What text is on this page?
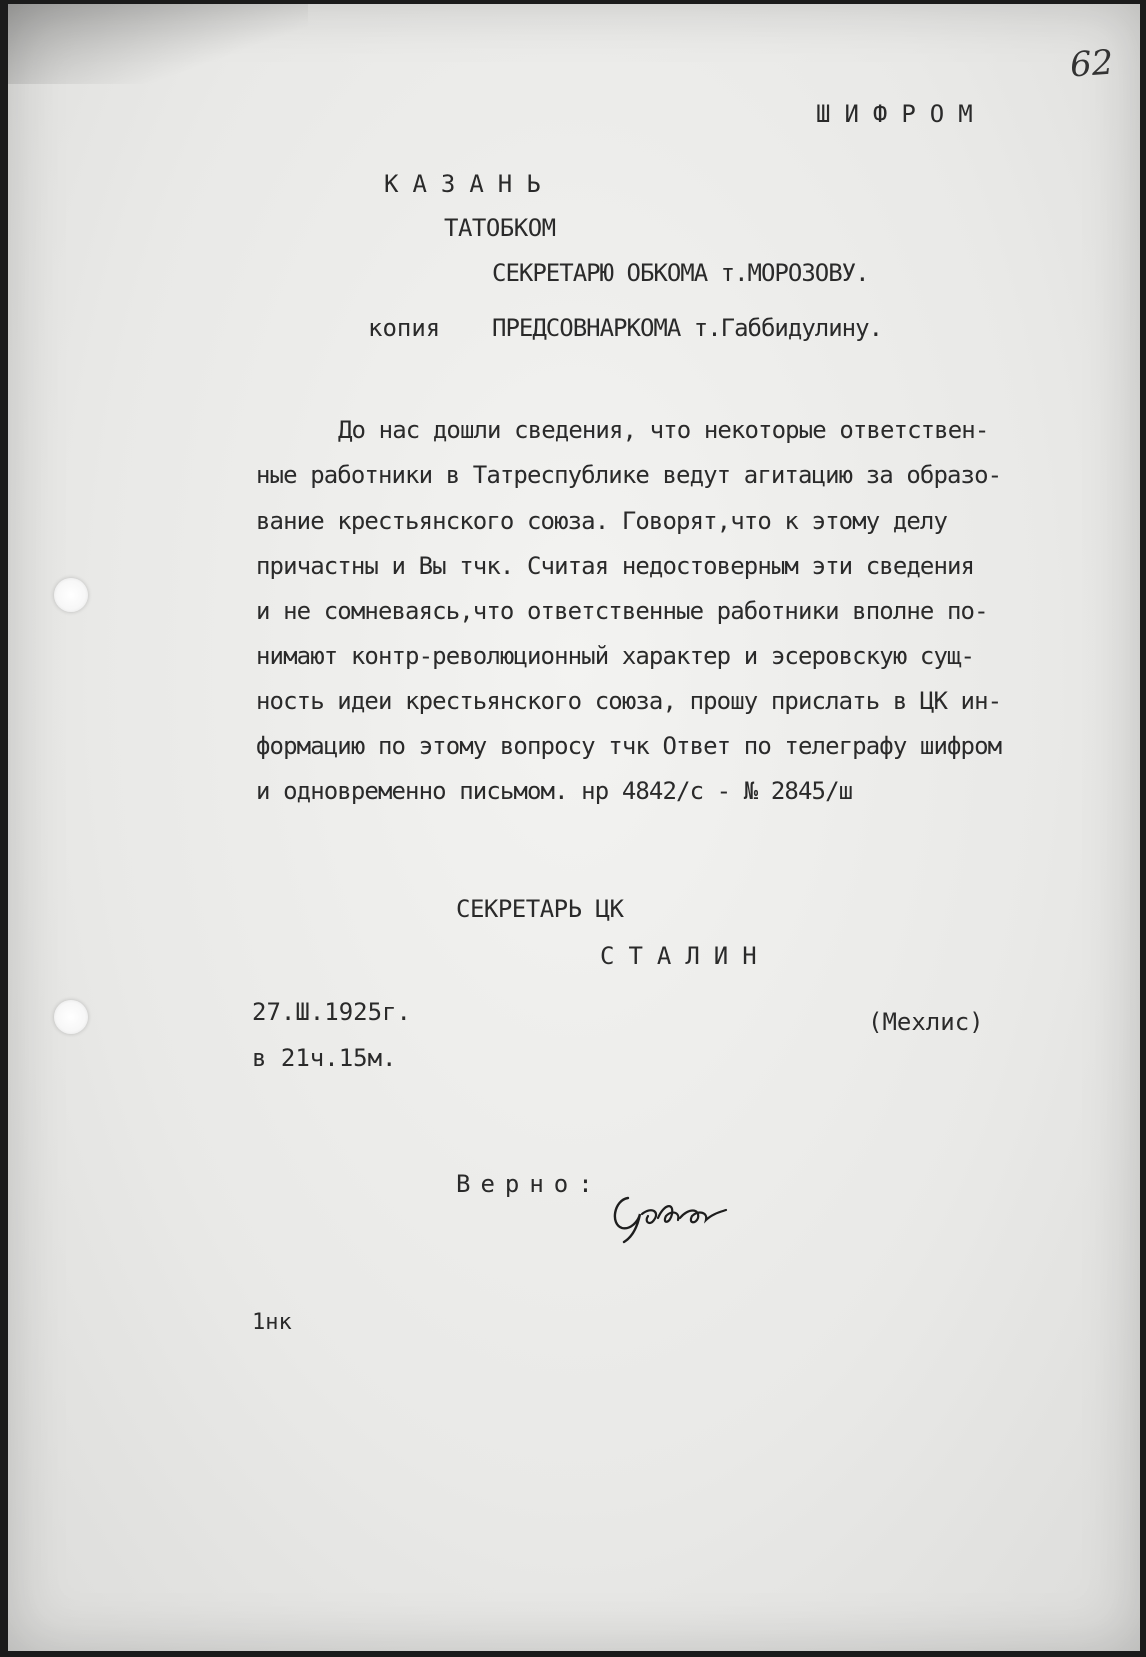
62

ШИФРОМ

КАЗАНЬ

ТАТОБКОМ

СЕКРЕТАРЮ ОБКОМА т.МОРОЗОВУ.

копия ПРЕДСОВНАРКОМА т.Габбидулину.

До нас дошли сведения, что некоторые ответствен-

ные работники в Татреспублике ведут агитацию за образо-

вание крестьянского союза. Говорят,что к этому делу

причастны и Вы тчк. Считая недостоверным эти сведения

и не сомневаясь,что ответственные работники вполне по-

нимают контр-революционный характер и эсеровскую сущ-

ность идеи крестьянского союза, прошу прислать в ЦК ин-

формацию по этому вопросу тчк Ответ по телеграфу шифром

и одновременно письмом. нр 4842/с - № 2845/ш

СЕКРЕТАРЬ ЦК

СТАЛИН

27.Ш.1925г.

в 21ч.15м.

(Мехлис)

Верно:

1нк
